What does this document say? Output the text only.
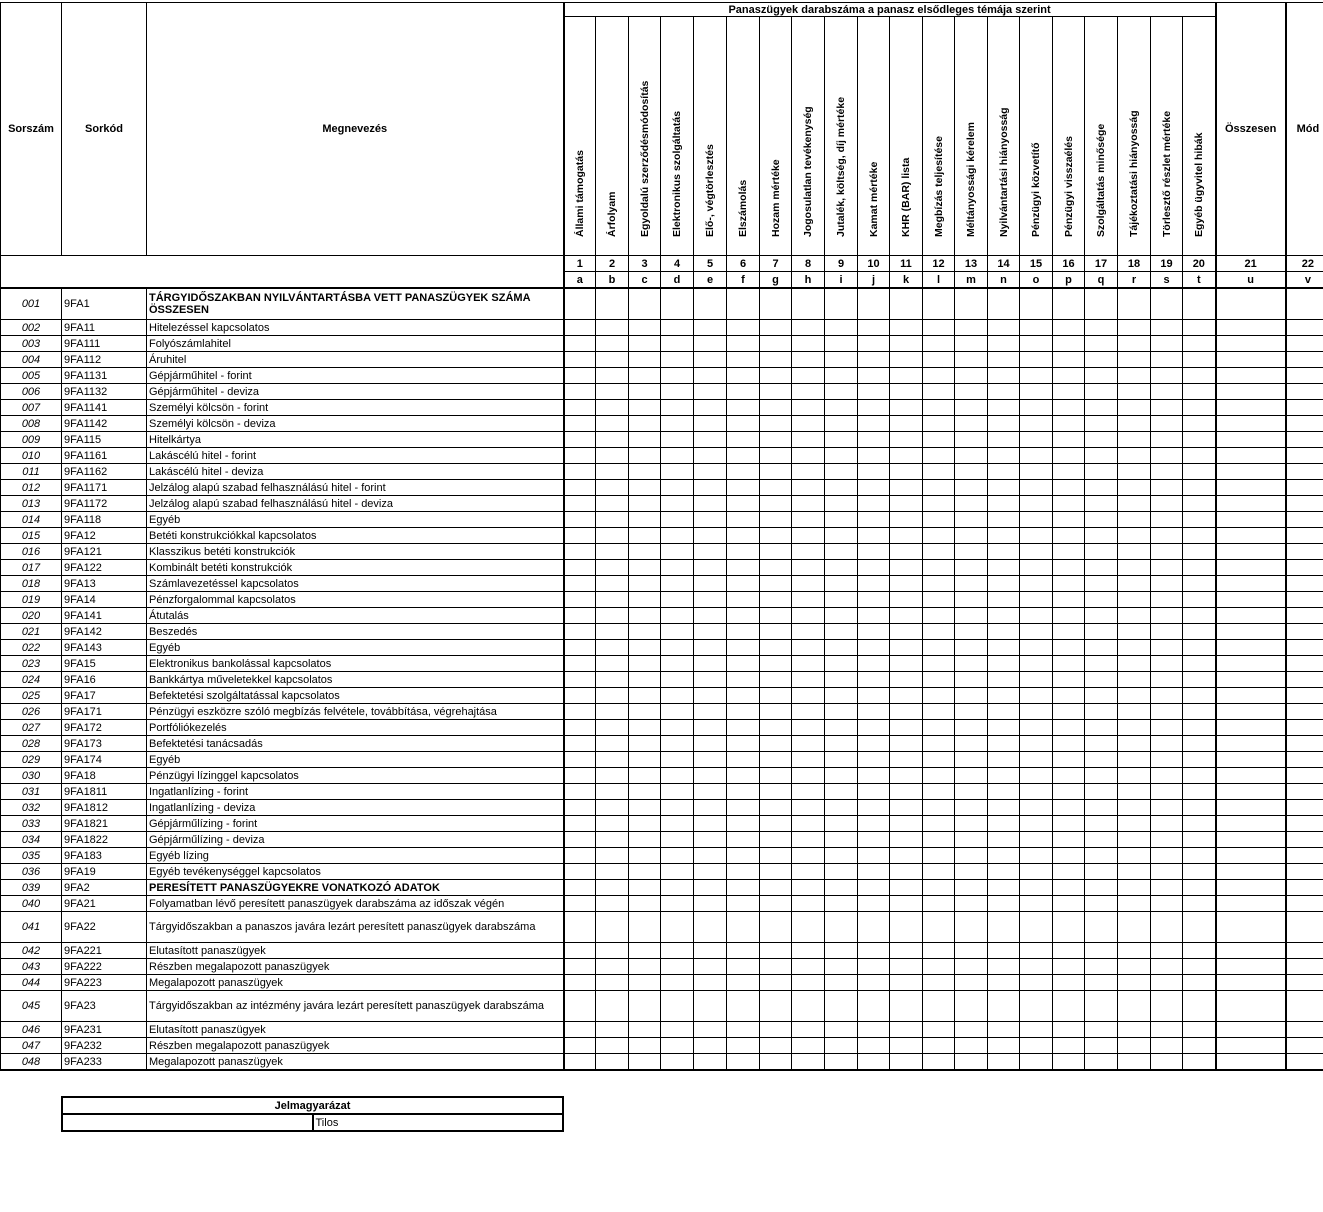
Sorszám	Sorkód	Megnevezés	Panaszügyek darabszáma a panasz elsődleges témája szerint																				Összesen	Mód

			Állami támogatás	Árfolyam	Egyoldalú szerződésmódosítás	Elektronikus szolgáltatás	Elő-, végtörlesztés	Elszámolás	Hozam mértéke	Jogosulatlan tevékenység	Jutalék, költség, díj mértéke	Kamat mértéke	KHR (BAR) lista	Megbízás teljesítése	Méltányossági kérelem	Nyilvántartási hiányosság	Pénzügyi közvetítő	Pénzügyi visszaélés	Szolgáltatás minősége	Tájékoztatási hiányosság	Törlesztő részlet mértéke	Egyéb ügyvitel hibák		

			1	2	3	4	5	6	7	8	9	10	11	12	13	14	15	16	17	18	19	20	21	22
			a	b	c	d	e	f	g	h	i	j	k	l	m	n	o	p	q	r	s	t	u	v
001	9FA1	TÁRGYIDŐSZAKBAN NYILVÁNTARTÁSBA VETT PANASZÜGYEK SZÁMA ÖSSZESEN																						
002	9FA11	Hitelezéssel kapcsolatos																						
003	9FA111	Folyószámlahitel																						
004	9FA112	Áruhitel																						
005	9FA1131	Gépjárműhitel - forint																						
006	9FA1132	Gépjárműhitel - deviza																						
007	9FA1141	Személyi kölcsön - forint																						
008	9FA1142	Személyi kölcsön - deviza																						
009	9FA115	Hitelkártya																						
010	9FA1161	Lakáscélú hitel - forint																						
011	9FA1162	Lakáscélú hitel - deviza																						
012	9FA1171	Jelzálog alapú szabad felhasználású hitel - forint																						
013	9FA1172	Jelzálog alapú szabad felhasználású hitel - deviza																						
014	9FA118	Egyéb																						
015	9FA12	Betéti konstrukciókkal kapcsolatos																						
016	9FA121	Klasszikus betéti konstrukciók																						
017	9FA122	Kombinált betéti konstrukciók																						
018	9FA13	Számlavezetéssel kapcsolatos																						
019	9FA14	Pénzforgalommal kapcsolatos																						
020	9FA141	Átutalás																						
021	9FA142	Beszedés																						
022	9FA143	Egyéb																						
023	9FA15	Elektronikus bankolással kapcsolatos																						
024	9FA16	Bankkártya műveletekkel kapcsolatos																						
025	9FA17	Befektetési szolgáltatással kapcsolatos																						
026	9FA171	Pénzügyi eszközre szóló megbízás felvétele, továbbítása, végrehajtása																						
027	9FA172	Portfóliókezelés																						
028	9FA173	Befektetési tanácsadás																						
029	9FA174	Egyéb																						
030	9FA18	Pénzügyi lízinggel kapcsolatos																						
031	9FA1811	Ingatlanlízing - forint																						
032	9FA1812	Ingatlanlízing - deviza																						
033	9FA1821	Gépjárműlízing - forint																						
034	9FA1822	Gépjárműlízing - deviza																						
035	9FA183	Egyéb lízing																						
036	9FA19	Egyéb tevékenységgel kapcsolatos																						
039	9FA2	PERESÍTETT PANASZÜGYEKRE VONATKOZÓ ADATOK																						
040	9FA21	Folyamatban lévő peresített panaszügyek darabszáma az időszak végén																						
041	9FA22	Tárgyidőszakban a panaszos javára lezárt peresített panaszügyek darabszáma																						
042	9FA221	Elutasított panaszügyek																						
043	9FA222	Részben megalapozott panaszügyek																						
044	9FA223	Megalapozott panaszügyek																						
045	9FA23	Tárgyidőszakban az intézmény javára lezárt peresített panaszügyek darabszáma																						
046	9FA231	Elutasított panaszügyek																						
047	9FA232	Részben megalapozott panaszügyek																						
048	9FA233	Megalapozott panaszügyek																						
Jelmagyarázat
	Tilos
